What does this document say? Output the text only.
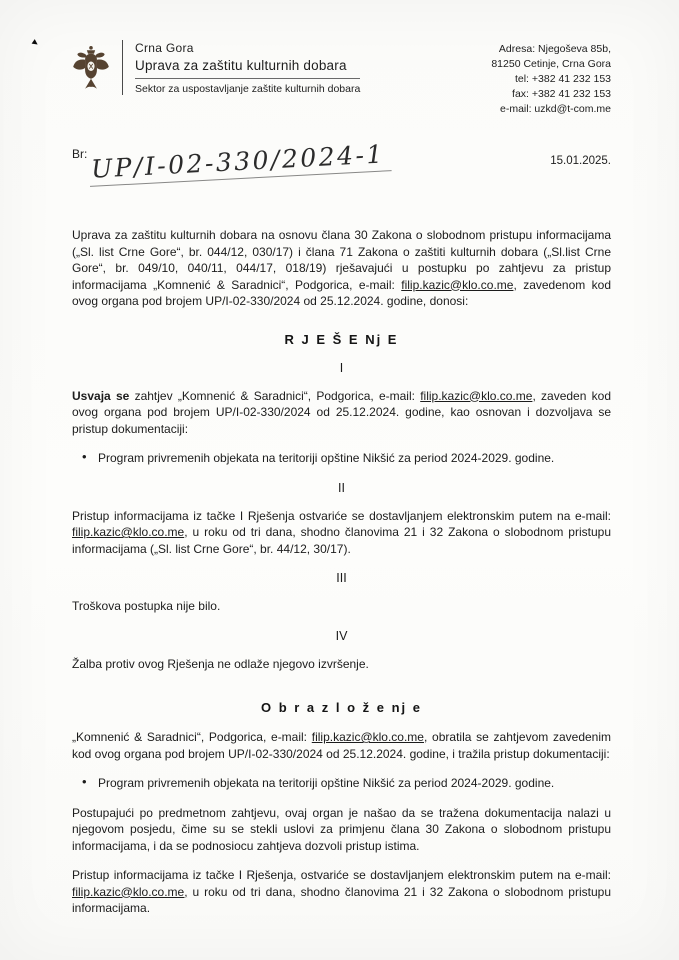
▸	Crna Gora
Uprava za zaštitu kulturnih dobara
Sektor za uspostavljanje zaštite kulturnih dobara
Adresa: Njegoševa 85b,
81250 Cetinje, Crna Gora
tel: +382 41 232 153
fax: +382 41 232 153
e-mail: uzkd@t-com.me
$^{Br:}$ UP/I-02-330/2024-1	15.01.2025.

Uprava za zaštitu kulturnih dobara na osnovu člana 30 Zakona o slobodnom pristupu informacijama („Sl. list Crne Gore“, br. 044/12, 030/17) i člana 71 Zakona o zaštiti kulturnih dobara („Sl.list Crne Gore“, br. 049/10, 040/11, 044/17, 018/19) rješavajući u postupku po zahtjevu za pristup informacijama „Komnenić & Saradnici“, Podgorica, e-mail: filip.kazic@klo.co.me, zavedenom kod ovog organa pod brojem UP/I-02-330/2024 od 25.12.2024. godine, donosi:

R J E Š E Nj E
I

Usvaja se zahtjev „Komnenić & Saradnici“, Podgorica, e-mail: filip.kazic@klo.co.me, zaveden kod ovog organa pod brojem UP/I-02-330/2024 od 25.12.2024. godine, kao osnovan i dozvoljava se pristup dokumentaciji:

• Program privremenih objekata na teritoriji opštine Nikšić za period 2024-2029. godine.

II

Pristup informacijama iz tačke I Rješenja ostvariće se dostavljanjem elektronskim putem na e-mail: filip.kazic@klo.co.me, u roku od tri dana, shodno članovima 21 i 32 Zakona o slobodnom pristupu informacijama („Sl. list Crne Gore“, br. 44/12, 30/17).

III

Troškova postupka nije bilo.

IV

Žalba protiv ovog Rješenja ne odlaže njegovo izvršenje.

O b r a z l o ž e nj e

„Komnenić & Saradnici“, Podgorica, e-mail: filip.kazic@klo.co.me, obratila se zahtjevom zavedenim kod ovog organa pod brojem UP/I-02-330/2024 od 25.12.2024. godine, i tražila pristup dokumentaciji:

• Program privremenih objekata na teritoriji opštine Nikšić za period 2024-2029. godine.

Postupajući po predmetnom zahtjevu, ovaj organ je našao da se tražena dokumentacija nalazi u njegovom posjedu, čime su se stekli uslovi za primjenu člana 30 Zakona o slobodnom pristupu informacijama, i da se podnosiocu zahtjeva dozvoli pristup istima.

Pristup informacijama iz tačke I Rješenja, ostvariće se dostavljanjem elektronskim putem na e-mail: filip.kazic@klo.co.me, u roku od tri dana, shodno članovima 21 i 32 Zakona o slobodnom pristupu informacijama.
